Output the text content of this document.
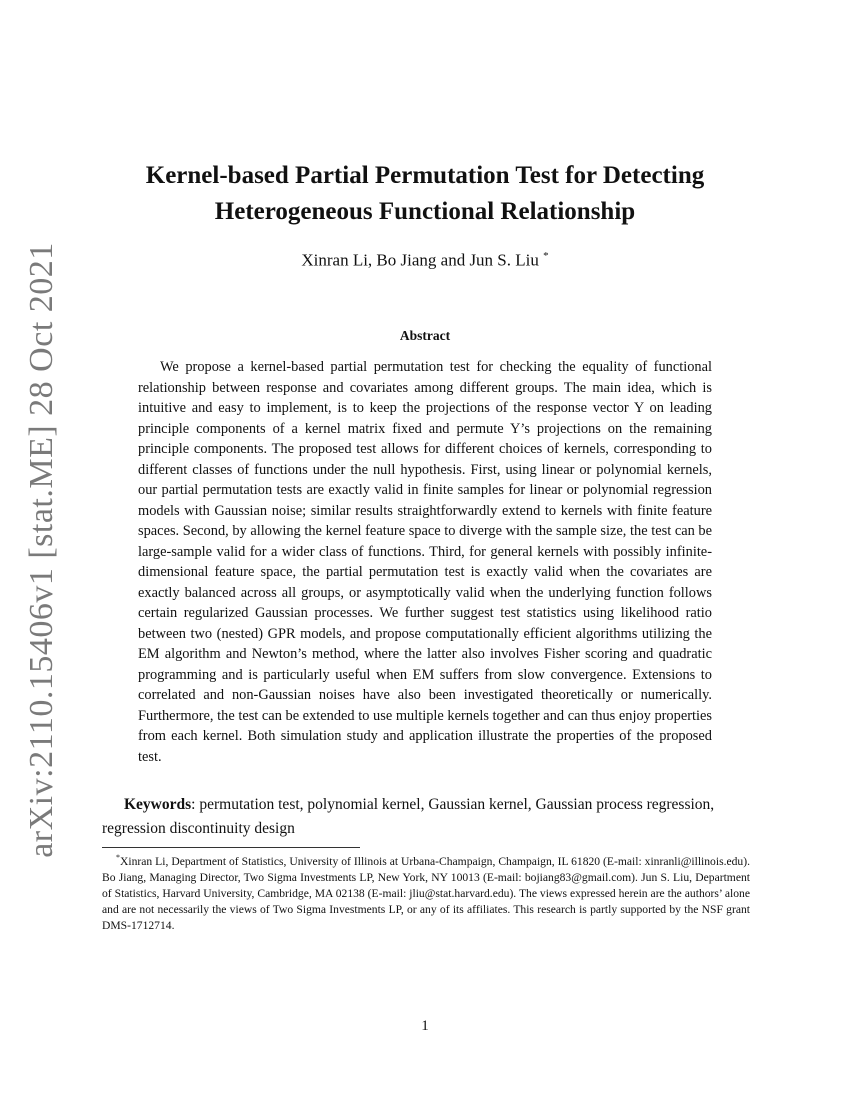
arXiv:2110.15406v1 [stat.ME] 28 Oct 2021
Kernel-based Partial Permutation Test for Detecting Heterogeneous Functional Relationship
Xinran Li, Bo Jiang and Jun S. Liu *
Abstract

We propose a kernel-based partial permutation test for checking the equality of functional relationship between response and covariates among different groups. The main idea, which is intuitive and easy to implement, is to keep the projections of the response vector Y on leading principle components of a kernel matrix fixed and permute Y’s projections on the remaining principle components. The proposed test allows for different choices of kernels, corresponding to different classes of functions under the null hypothesis. First, using linear or polynomial kernels, our partial permutation tests are exactly valid in finite samples for linear or polynomial regression models with Gaussian noise; similar results straightforwardly extend to kernels with finite feature spaces. Second, by allowing the kernel feature space to diverge with the sample size, the test can be large-sample valid for a wider class of functions. Third, for general kernels with possibly infinite-dimensional feature space, the partial permutation test is exactly valid when the covariates are exactly balanced across all groups, or asymptotically valid when the underlying function follows certain regularized Gaussian processes. We further suggest test statistics using likelihood ratio between two (nested) GPR models, and propose computationally efficient algorithms utilizing the EM algorithm and Newton’s method, where the latter also involves Fisher scoring and quadratic programming and is particularly useful when EM suffers from slow convergence. Extensions to correlated and non-Gaussian noises have also been investigated theoretically or numerically. Furthermore, the test can be extended to use multiple kernels together and can thus enjoy properties from each kernel. Both simulation study and application illustrate the properties of the proposed test.

Keywords: permutation test, polynomial kernel, Gaussian kernel, Gaussian process regression, regression discontinuity design

*Xinran Li, Department of Statistics, University of Illinois at Urbana-Champaign, Champaign, IL 61820 (E-mail: xinranli@illinois.edu). Bo Jiang, Managing Director, Two Sigma Investments LP, New York, NY 10013 (E-mail: bojiang83@gmail.com). Jun S. Liu, Department of Statistics, Harvard University, Cambridge, MA 02138 (E-mail: jliu@stat.harvard.edu). The views expressed herein are the authors’ alone and are not necessarily the views of Two Sigma Investments LP, or any of its affiliates. This research is partly supported by the NSF grant DMS-1712714.

1
